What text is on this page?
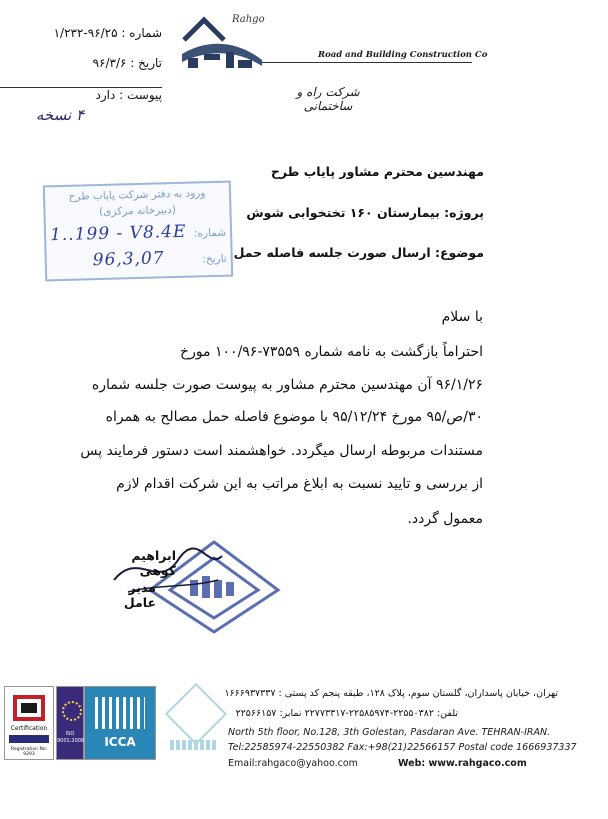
شماره : ۹۶/۲۵-۱/۲۳۲
تاریخ : ۹۶/۳/۶
پیوست : دارد
۴ نسخه
Rahgo
Road and Building Construction Co
شرکت راه و ساختمانی
مهندسین محترم مشاور پایاب طرح
پروژه: بیمارستان ۱۶۰ تختخوابی شوش
موضوع: ارسال صورت جلسه فاصله حمل
ورود به دفتر شرکت پایاب طرح
(دبیرخانه مرکزی)
شماره:
1..199 - V8.4E
تاریخ:
96,3,07
با سلام
احتراماً بازگشت به نامه شماره ۷۳۵۵۹-۱۰۰/۹۶ مورخ
۹۶/۱/۲۶ آن مهندسین محترم مشاور به پیوست صورت جلسه شماره
۳۰/ص/۹۵ مورخ ۹۵/۱۲/۲۴ با موضوع فاصله حمل مصالح به همراه
مستندات مربوطه ارسال میگردد. خواهشمند است دستور فرمایند پس
از بررسی و تایید نسبت به ابلاغ مراتب به این شرکت اقدام لازم
معمول گردد.
ابراهیم کوهی
مدیر عامل
Certification
Registration No: 9293
ISO 9001:2008	ICCA
تهران، خیابان پاسداران، گلستان سوم، پلاک ۱۲۸، طبقه پنجم کد پستی : ۱۶۶۶۹۳۷۳۳۷
تلفن: ۲۲۵۵۰۳۸۲-۲۲۵۸۵۹۷۴-۲۲۷۷۳۳۱۷ نمابر: ۲۲۵۶۶۱۵۷
North 5th floor, No.128, 3th Golestan, Pasdaran Ave. TEHRAN-IRAN.
Tel:22585974-22550382 Fax:+98(21)22566157 Postal code 1666937337
Email:rahgaco@yahoo.com	Web: www.rahgaco.com
